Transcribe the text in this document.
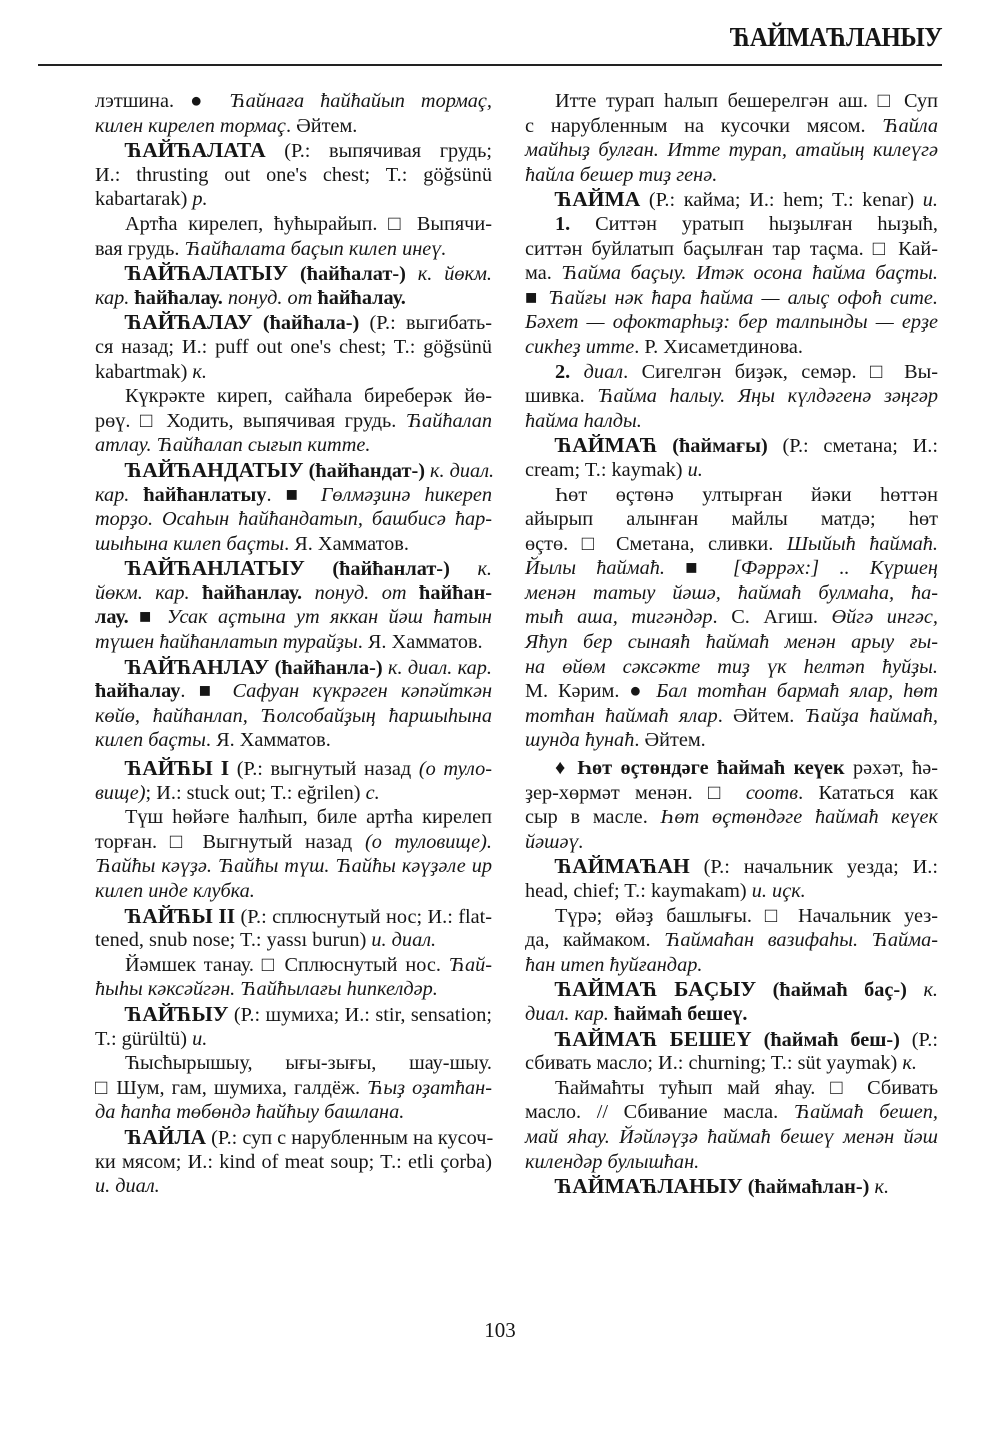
ЋАЙМАЋЛАНЫУ
лэтшина. ● Ћайнаға ћайћайып тормаç,
килен кирелеп тормаç. Әйтем.
ЋАЙЋАЛАТА (Р.: выпячивая грудь;
И.: thrusting out one's chest; T.: göğsünü
kabartarak) р.
Артћа кирелеп, ћућырайып. □ Выпячи-
вая грудь. Ћайћалата баçып килеп инеү.
ЋАЙЋАЛАТЫУ (ћайћалат-) к. йөкм.
кар. ћайћалау. понуд. от ћайћалау.
ЋАЙЋАЛАУ (ћайћала-) (Р.: выгибать-
ся назад; И.: puff out one's chest; T.: göğsünü
kabartmak) к.
Күкрәкте киреп, сайћала биреберәк йө-
рөү. □ Ходить, выпячивая грудь. Ћайћалап
атлау. Ћайћалап сығып китте.
ЋАЙЋАНДАТЫУ (ћайћандат-) к. диал.
кар. ћайћанлатыу. ■ Гөлмәҙинә һикереп
торҙо. Осаһын ћайћандатып, башбисә ћар-
шыһына килеп баçты. Я. Хамматов.
ЋАЙЋАНЛАТЫУ (ћайћанлат-) к.
йөкм. кар. ћайћанлау. понуд. от ћайћан-
лау. ■ Усак аçтына ут яккан йәш ћатын
түшен ћайћанлатып турайҙы. Я. Хамматов.
ЋАЙЋАНЛАУ (ћайћанла-) к. диал. кар.
ћайћалау. ■ Сафуан күкрәген кәпәйткән
көйө, ћайћанлап, Ћолсобайҙың ћаршыһына
килеп баçты. Я. Хамматов.
ЋАЙЋЫ I (Р.: выгнутый назад (о туло-
вище); И.: stuck out; T.: eğrilen) с.
Түш һөйәге ћалћып, биле артћа кирелеп
торған. □ Выгнутый назад (о туловище).
Ћайћы кәүҙә. Ћайћы түш. Ћайћы кәүҙәле ир
килеп инде клубка.
ЋАЙЋЫ II (Р.: сплюснутый нос; И.: flat-
tened, snub nose; T.: yassı burun) и. диал.
Йәмшек танау. □ Сплюснутый нос. Ћай-
ћыһы кәксәйгән. Ћайћылағы һипкелдәр.
ЋАЙЋЫУ (Р.: шумиха; И.: stir, sensation;
T.: gürültü) и.
Ћысћырышыу, ығы-зығы, шау-шыу.
□ Шум, гам, шумиха, галдёж. Ћыҙ оҙатћан-
да ћапћа төбөндә ћайћыу башлана.
ЋАЙЛА (Р.: суп с нарубленным на кусоч-
ки мясом; И.: kind of meat soup; T.: etli çorba)
и. диал.
Итте турап һалып бешерелгән аш. □ Суп
с нарубленным на кусочки мясом. Ћайла
майһыҙ булған. Итте турап, атайың килеүгә
ћайла бешер тиҙ генә.
ЋАЙМА (Р.: кайма; И.: hem; T.: kenar) и.
1. Ситтән уратып һыҙылған һыҙыћ,
ситтән буйлатып баçылған тар таçма. □ Кай-
ма. Ћайма баçыу. Итәк осона ћайма баçты.
■ Ћайғы нәк ћара ћайма — алыç офоћ сите.
Бәхет — офоктарһыҙ: бер талпынды — ерҙе
сикһеҙ итте. Р. Хисаметдинова.
2. диал. Сигелгән биҙәк, семәр. □ Вы-
шивка. Ћайма һалыу. Яңы күлдәгенә зәңгәр
ћайма һалды.
ЋАЙМАЋ (ћаймағы) (Р.: сметана; И.:
cream; T.: kaymak) и.
Һөт өçтөнә ултырған йәки һөттән
айырып алынған майлы матдә; һөт
өçтө. □ Сметана, сливки. Шыйыћ ћаймаћ.
Йылы ћаймаћ. ■ [Фәррәх:] .. Күршең
менән татыу йәшә, ћаймаћ булмаһа, ћа-
тыћ аша, тигәндәр. С. Агиш. Өйгә ингәс,
Яћуп бер сынаяћ ћаймаћ менән арыу ғы-
на өйөм сәксәкте тиҙ үк һелтәп ћуйҙы.
М. Кәрим. ● Бал тотћан бармаћ ялар, һөт
тотћан ћаймаћ ялар. Әйтем. Ћайҙа ћаймаћ,
шунда ћунаћ. Әйтем.
♦ Һөт өçтөндәге ћаймаћ кеүек рәхәт, ћә-
ҙер-хөрмәт менән. □ соотв. Кататься как
сыр в масле. Һөт өçтөндәге ћаймаћ кеүек
йәшәү.
ЋАЙМАЋАН (Р.: начальник уезда; И.:
head, chief; T.: kaymakam) и. иçк.
Түрә; өйәҙ башлығы. □ Начальник уез-
да, каймаком. Ћаймаћан вазифаһы. Ћайма-
ћан итеп ћуйғандар.
ЋАЙМАЋ БАÇЫУ (ћаймаћ баç-) к.
диал. кар. ћаймаћ бешеү.
ЋАЙМАЋ БЕШЕҮ (ћаймаћ беш-) (Р.:
сбивать масло; И.: churning; T.: süt yaymak) к.
Ћаймаћты тућып май яһау. □ Сбивать
масло. // Сбивание масла. Ћаймаћ бешеп,
май яһау. Йәйләүҙә ћаймаћ бешеү менән йәш
килендәр булышћан.
ЋАЙМАЋЛАНЫУ (ћаймаћлан-) к.
103
